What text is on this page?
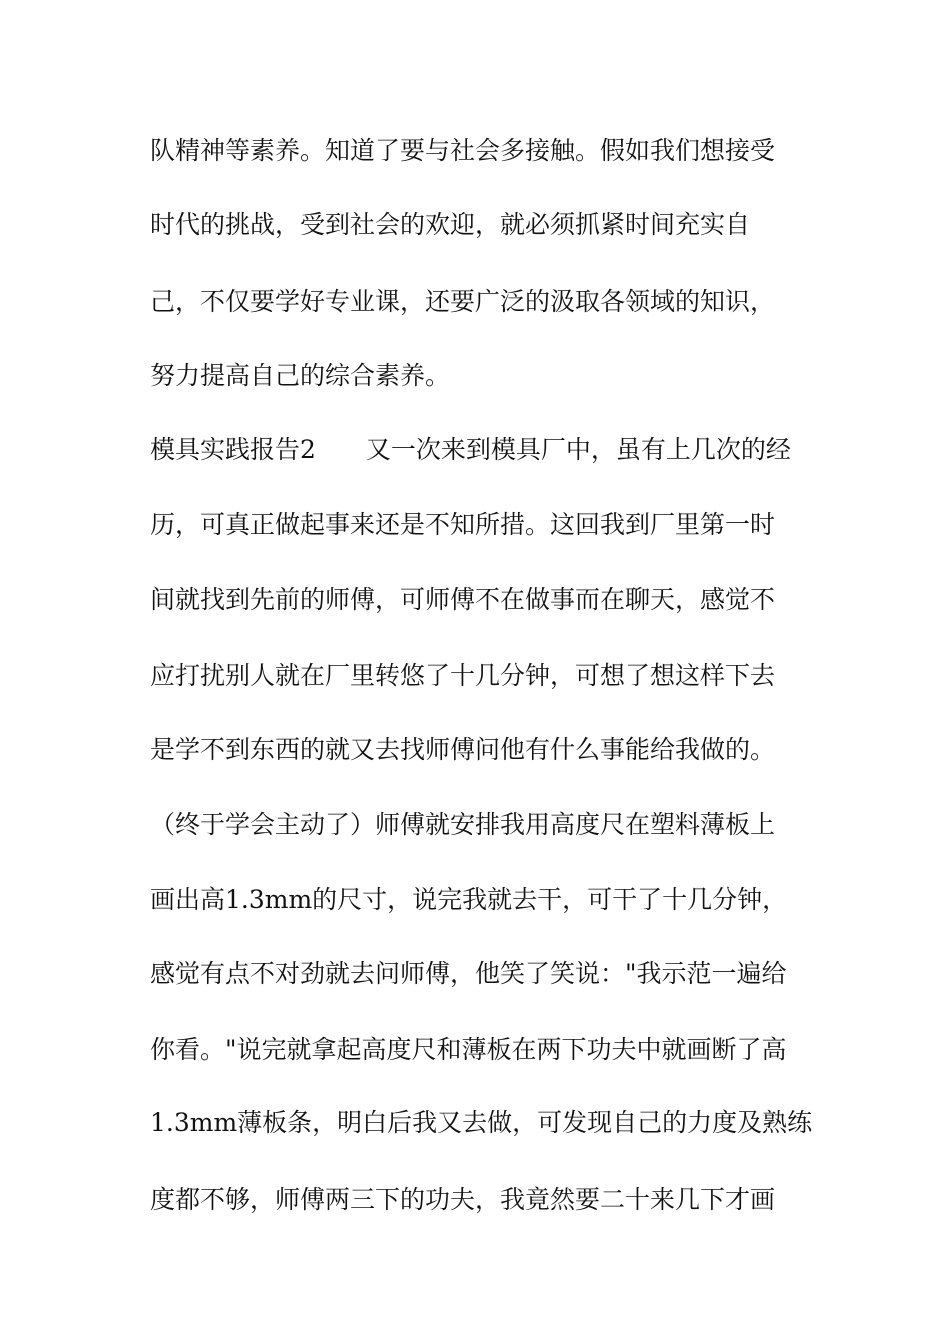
队精神等素养。知道了要与社会多接触。假如我们想接受
时代的挑战，受到社会的欢迎，就必须抓紧时间充实自
己，不仅要学好专业课，还要广泛的汲取各领域的知识，
努力提高自己的综合素养。
模具实践报告2　　又一次来到模具厂中，虽有上几次的经
历，可真正做起事来还是不知所措。这回我到厂里第一时
间就找到先前的师傅，可师傅不在做事而在聊天，感觉不
应打扰别人就在厂里转悠了十几分钟，可想了想这样下去
是学不到东西的就又去找师傅问他有什么事能给我做的。
（终于学会主动了）师傅就安排我用高度尺在塑料薄板上
画出高1.3mm的尺寸，说完我就去干，可干了十几分钟，
感觉有点不对劲就去问师傅，他笑了笑说："我示范一遍给
你看。"说完就拿起高度尺和薄板在两下功夫中就画断了高
1.3mm薄板条，明白后我又去做，可发现自己的力度及熟练
度都不够，师傅两三下的功夫，我竟然要二十来几下才画
